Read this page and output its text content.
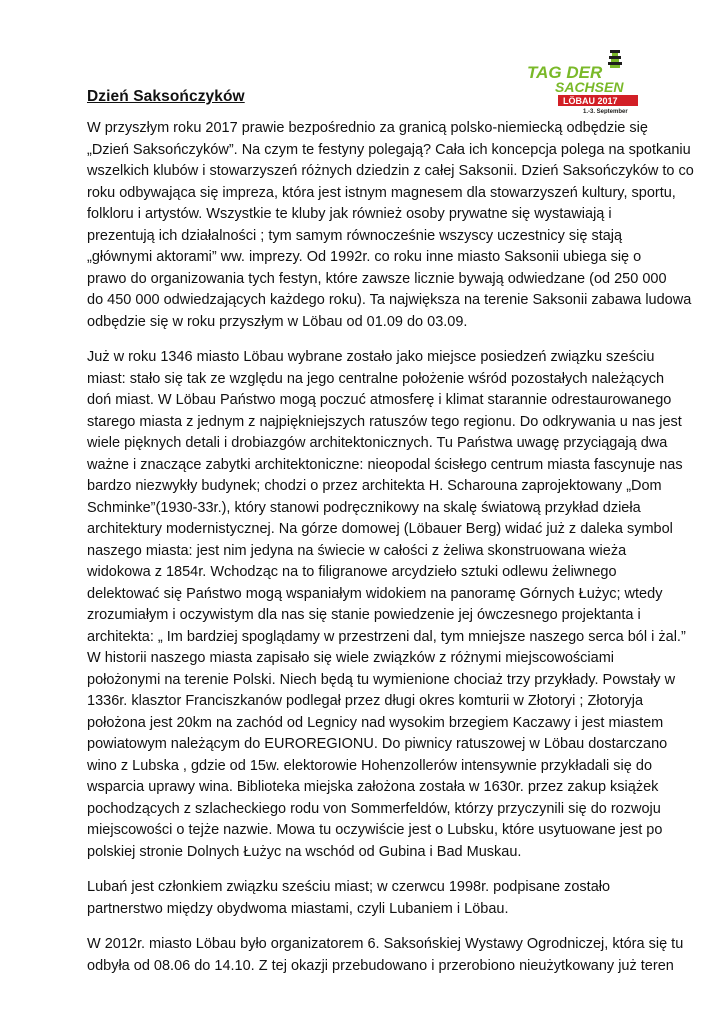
TAG DER
SACHSEN
LÖBAU 2017
1.-3. September
Dzień Saksończyków
W przyszłym roku 2017 prawie bezpośrednio za granicą polsko-niemiecką odbędzie się
„Dzień Saksończyków”. Na czym te festyny polegają? Cała ich koncepcja polega na spotkaniu
wszelkich klubów i stowarzyszeń różnych dziedzin z całej Saksonii. Dzień Saksończyków to co
roku odbywająca się impreza, która jest istnym magnesem dla stowarzyszeń kultury, sportu,
folkloru i artystów. Wszystkie te kluby jak również osoby prywatne się wystawiają i
prezentują ich działalności ; tym samym równocześnie wszyscy uczestnicy się stają
„głównymi aktorami” ww. imprezy. Od 1992r. co roku inne miasto Saksonii ubiega się o
prawo do organizowania tych festyn, które zawsze licznie bywają odwiedzane (od 250 000
do 450 000 odwiedzających każdego roku). Ta największa na terenie Saksonii zabawa ludowa
odbędzie się w roku przyszłym w Löbau od 01.09 do 03.09.
Już w roku 1346 miasto Löbau wybrane zostało jako miejsce posiedzeń związku sześciu
miast: stało się tak ze względu na jego centralne położenie wśród pozostałych należących
doń miast. W Löbau Państwo mogą poczuć atmosferę i klimat starannie odrestaurowanego
starego miasta z jednym z najpiękniejszych ratuszów tego regionu. Do odkrywania u nas jest
wiele pięknych detali i drobiazgów architektonicznych. Tu Państwa uwagę przyciągają dwa
ważne i znaczące zabytki architektoniczne: nieopodal ścisłego centrum miasta fascynuje nas
bardzo niezwykły budynek; chodzi o przez architekta H. Scharouna zaprojektowany „Dom
Schminke”(1930-33r.), który stanowi podręcznikowy na skalę światową przykład dzieła
architektury modernistycznej. Na górze domowej (Löbauer Berg) widać już z daleka symbol
naszego miasta: jest nim jedyna na świecie w całości z żeliwa skonstruowana wieża
widokowa z 1854r. Wchodząc na to filigranowe arcydzieło sztuki odlewu żeliwnego
delektować się Państwo mogą wspaniałym widokiem na panoramę Górnych Łużyc; wtedy
zrozumiałym i oczywistym dla nas się stanie powiedzenie jej ówczesnego projektanta i
architekta: „ Im bardziej spoglądamy w przestrzeni dal, tym mniejsze naszego serca ból i żal.”
W historii naszego miasta zapisało się wiele związków z różnymi miejscowościami
położonymi na terenie Polski. Niech będą tu wymienione chociaż trzy przykłady. Powstały w
1336r. klasztor Franciszkanów podlegał przez długi okres komturii w Złotoryi ; Złotoryja
położona jest 20km na zachód od Legnicy nad wysokim brzegiem Kaczawy i jest miastem
powiatowym należącym do EUROREGIONU. Do piwnicy ratuszowej w Löbau dostarczano
wino z Lubska , gdzie od 15w. elektorowie Hohenzollerów intensywnie przykładali się do
wsparcia uprawy wina. Biblioteka miejska założona została w 1630r. przez zakup książek
pochodzących z szlacheckiego rodu von Sommerfeldów, którzy przyczynili się do rozwoju
miejscowości o tejże nazwie. Mowa tu oczywiście jest o Lubsku, które usytuowane jest po
polskiej stronie Dolnych Łużyc na wschód od Gubina i Bad Muskau.
Lubań jest członkiem związku sześciu miast; w czerwcu 1998r. podpisane zostało
partnerstwo między obydwoma miastami, czyli Lubaniem i Löbau.
W 2012r. miasto Löbau było organizatorem 6. Saksońskiej Wystawy Ogrodniczej, która się tu
odbyła od 08.06 do 14.10. Z tej okazji przebudowano i przerobiono nieużytkowany już teren
